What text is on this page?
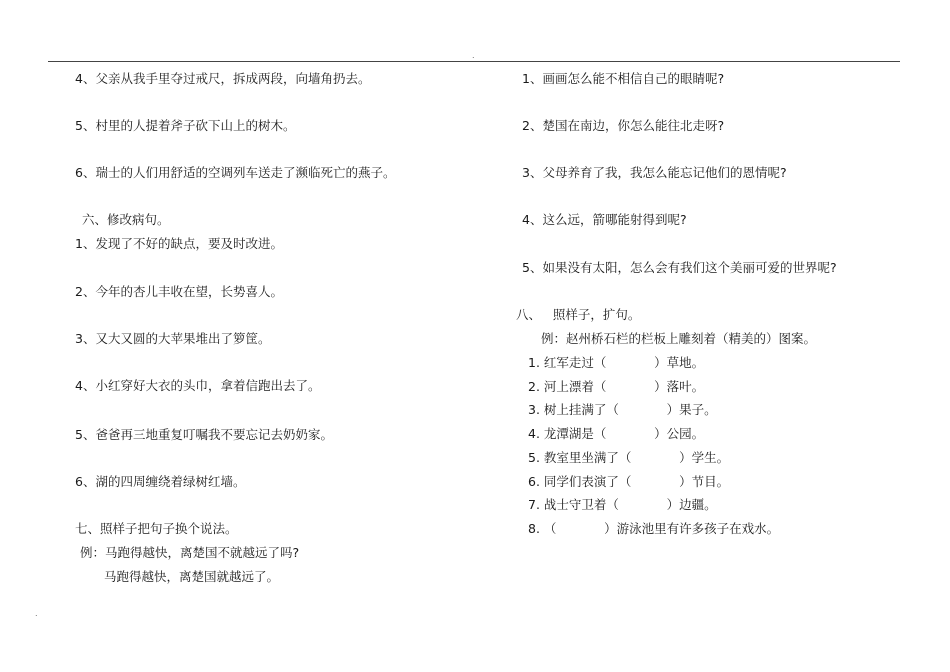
.
.
4、父亲从我手里夺过戒尺，拆成两段，向墙角扔去。
5、村里的人提着斧子砍下山上的树木。
6、瑞士的人们用舒适的空调列车送走了濒临死亡的燕子。
六、修改病句。
1、发现了不好的缺点，要及时改进。
2、今年的杏儿丰收在望，长势喜人。
3、又大又圆的大苹果堆出了箩筐。
4、小红穿好大衣的头巾，拿着信跑出去了。
5、爸爸再三地重复叮嘱我不要忘记去奶奶家。
6、湖的四周缠绕着绿树红墙。
七、照样子把句子换个说法。
例：马跑得越快，离楚国不就越远了吗?
马跑得越快，离楚国就越远了。
1、画画怎么能不相信自己的眼睛呢?
2、楚国在南边，你怎么能往北走呀?
3、父母养育了我，我怎么能忘记他们的恩情呢?
4、这么远，箭哪能射得到呢?
5、如果没有太阳，怎么会有我们这个美丽可爱的世界呢?
八、   照样子，扩句。
例：赵州桥石栏的栏板上雕刻着（精美的）图案。
1. 红军走过（            ）草地。
2. 河上漂着（            ）落叶。
3. 树上挂满了（            ）果子。
4. 龙潭湖是（            ）公园。
5. 教室里坐满了（            ）学生。
6. 同学们表演了（            ）节目。
7. 战士守卫着（            ）边疆。
8. （            ）游泳池里有许多孩子在戏水。
